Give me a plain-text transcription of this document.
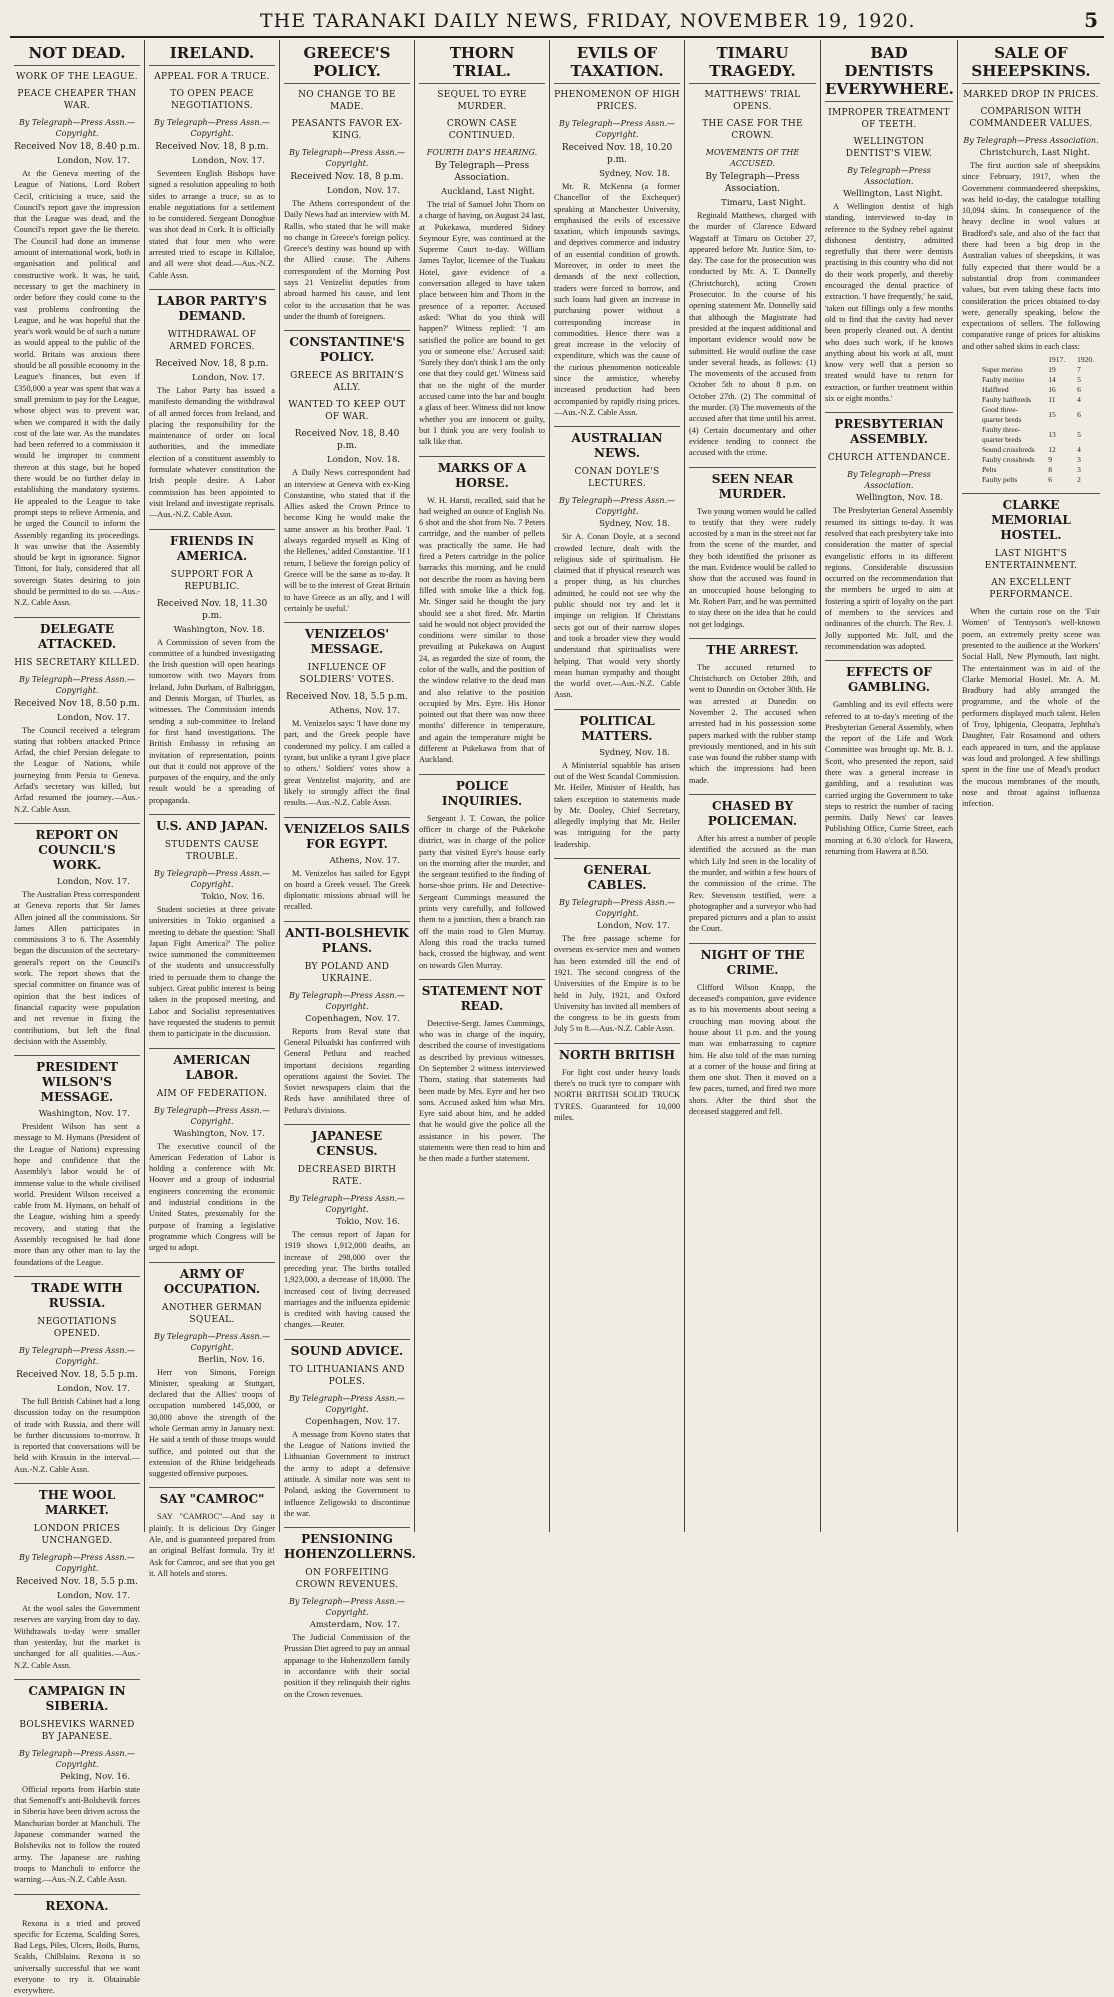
THE TARANAKI DAILY NEWS, FRIDAY, NOVEMBER 19, 1920.	5
NOT DEAD.
WORK OF THE LEAGUE.
PEACE CHEAPER THAN WAR.
By Telegraph—Press Assn.—Copyright.
Received Nov 18, 8.40 p.m.
London, Nov. 17.
At the Geneva meeting of the League of Nations, Lord Robert Cecil, criticising a truce, said the Council's report gave the impression that the League was dead, and the Council's report gave the lie thereto. The Council had done an immense amount of international work, both in organisation and political and constructive work. It was, he said, necessary to get the machinery in order before they could come to the vast problems confronting the League, and he was hopeful that the year's work would be of such a nature as would appeal to the public of the world. Britain was anxious there should be all possible economy in the League's finances, but even if £350,000 a year was spent that was a small premium to pay for the League, whose object was to prevent war, when we compared it with the daily cost of the late war. As the mandates had been referred to a commission it would be improper to comment thereon at this stage, but he hoped there would be no further delay in establishing the mandatory systems. He appealed to the League to take prompt steps to relieve Armenia, and he urged the Council to inform the Assembly regarding its proceedings. It was unwise that the Assembly should be kept in ignorance. Signor Tittoni, for Italy, considered that all sovereign States desiring to join should be permitted to do so. —Aus.-N.Z. Cable Assn.
DELEGATE ATTACKED.
HIS SECRETARY KILLED.
By Telegraph—Press Assn.—Copyright.
Received Nov 18, 8.50 p.m.
London, Nov. 17.
The Council received a telegram stating that robbers attacked Prince Arfad, the chief Persian delegate to the League of Nations, while journeying from Persia to Geneva. Arfad's secretary was killed, but Arfad resumed the journey.—Aus.-N.Z. Cable Assn.
REPORT ON COUNCIL'S WORK.
London, Nov. 17.
The Australian Press correspondent at Geneva reports that Sir James Allen joined all the commissions. Sir James Allen participates in commissions 3 to 6. The Assembly began the discussion of the secretary-general's report on the Council's work. The report shows that the special committee on finance was of opinion that the best indices of financial capacity were population and net revenue in fixing the contributions, but left the final decision with the Assembly.
PRESIDENT WILSON'S MESSAGE.
Washington, Nov. 17.
President Wilson has sent a message to M. Hymans (President of the League of Nations) expressing hope and confidence that the Assembly's labor would be of immense value to the whole civilised world. President Wilson received a cable from M. Hymans, on behalf of the League, wishing him a speedy recovery, and stating that the Assembly recognised he had done more than any other man to lay the foundations of the League.
TRADE WITH RUSSIA.
NEGOTIATIONS OPENED.
By Telegraph—Press Assn.—Copyright.
Received Nov. 18, 5.5 p.m.
London, Nov. 17.
The full British Cabinet had a long discussion today on the resumption of trade with Russia, and there will be further discussions to-morrow. It is reported that conversations will be held with Krassin in the interval.—Aus.-N.Z. Cable Assn.
THE WOOL MARKET.
LONDON PRICES UNCHANGED.
By Telegraph—Press Assn.—Copyright.
Received Nov. 18, 5.5 p.m.
London, Nov. 17.
At the wool sales the Government reserves are varying from day to day. Withdrawals to-day were smaller than yesterday, but the market is unchanged for all qualities.—Aus.-N.Z. Cable Assn.
CAMPAIGN IN SIBERIA.
BOLSHEVIKS WARNED BY JAPANESE.
By Telegraph—Press Assn.—Copyright.
Peking, Nov. 16.
Official reports from Harbin state that Semenoff's anti-Bolshevik forces in Siberia have been driven across the Manchurian border at Manchuli. The Japanese commander warned the Bolsheviks not to follow the routed army. The Japanese are rushing troops to Manchuli to enforce the warning.—Aus.-N.Z. Cable Assn.
REXONA.
Rexona is a tried and proved specific for Eczema, Scalding Sores, Bad Legs, Piles, Ulcers, Boils, Burns, Scalds, Chilblains. Rexona is so universally successful that we want everyone to try it. Obtainable everywhere.
IRELAND.
APPEAL FOR A TRUCE.
TO OPEN PEACE NEGOTIATIONS.
By Telegraph—Press Assn.—Copyright.
Received Nov. 18, 8 p.m.
London, Nov. 17.
Seventeen English Bishops have signed a resolution appealing to both sides to arrange a truce, so as to enable negotiations for a settlement to be considered. Sergeant Donoghue was shot dead in Cork. It is officially stated that four men who were arrested tried to escape in Killaloe, and all were shot dead.—Aus.-N.Z. Cable Assn.
LABOR PARTY'S DEMAND.
WITHDRAWAL OF ARMED FORCES.
Received Nov. 18, 8 p.m.
London, Nov. 17.
The Labor Party has issued a manifesto demanding the withdrawal of all armed forces from Ireland, and placing the responsibility for the maintenance of order on local authorities, and the immediate election of a constituent assembly to formulate whatever constitution the Irish people desire. A Labor commission has been appointed to visit Ireland and investigate reprisals.—Aus.-N.Z. Cable Assn.
FRIENDS IN AMERICA.
SUPPORT FOR A REPUBLIC.
Received Nov. 18, 11.30 p.m.
Washington, Nov. 18.
A Commission of seven from the committee of a hundred investigating the Irish question will open hearings tomorrow with two Mayors from Ireland, John Durham, of Balbriggan, and Dennis Morgan, of Thurles, as witnesses. The Commission intends sending a sub-committee to Ireland for first hand investigations. The British Embassy in refusing an invitation of representation, points out that it could not approve of the purposes of the enquiry, and the only result would be a spreading of propaganda.
U.S. AND JAPAN.
STUDENTS CAUSE TROUBLE.
By Telegraph—Press Assn.—Copyright.
Tokio, Nov. 16.
Student societies at three private universities in Tokio organised a meeting to debate the question: 'Shall Japan Fight America?' The police twice summoned the committeemen of the students and unsuccessfully tried to persuade them to change the subject. Great public interest is being taken in the proposed meeting, and Labor and Socialist representatives have requested the students to permit them to participate in the discussion.
AMERICAN LABOR.
AIM OF FEDERATION.
By Telegraph—Press Assn.—Copyright.
Washington, Nov. 17.
The executive council of the American Federation of Labor is holding a conference with Mr. Hoover and a group of industrial engineers concerning the economic and industrial conditions in the United States, presumably for the purpose of framing a legislative programme which Congress will be urged to adopt.
ARMY OF OCCUPATION.
ANOTHER GERMAN SQUEAL.
By Telegraph—Press Assn.—Copyright.
Berlin, Nov. 16.
Herr von Simons, Foreign Minister, speaking at Stuttgart, declared that the Allies' troops of occupation numbered 145,000, or 30,000 above the strength of the whole German army in January next. He said a tenth of those troops would suffice, and pointed out that the extension of the Rhine bridgeheads suggested offensive purposes.
SAY "CAMROC"
SAY "CAMROC"—And say it plainly. It is delicious Dry Ginger Ale, and is guaranteed prepared from an original Belfast formula. Try it! Ask for Camroc, and see that you get it. All hotels and stores.
GREECE'S POLICY.
NO CHANGE TO BE MADE.
PEASANTS FAVOR EX-KING.
By Telegraph—Press Assn.—Copyright.
Received Nov. 18, 8 p.m.
London, Nov. 17.
The Athens correspondent of the Daily News had an interview with M. Rallis, who stated that he will make no change in Greece's foreign policy. Greece's destiny was bound up with the Allied cause. The Athens correspondent of the Morning Post says 21 Venizelist deputies from abroad harmed his cause, and lent color to the accusation that he was under the thumb of foreigners.
CONSTANTINE'S POLICY.
GREECE AS BRITAIN'S ALLY.
WANTED TO KEEP OUT OF WAR.
Received Nov. 18, 8.40 p.m.
London, Nov. 18.
A Daily News correspondent had an interview at Geneva with ex-King Constantine, who stated that if the Allies asked the Crown Prince to become King he would make the same answer as his brother Paul. 'I always regarded myself as King of the Hellenes,' added Constantine. 'If I return, I believe the foreign policy of Greece will be the same as to-day. It will be to the interest of Great Britain to have Greece as an ally, and I will certainly be useful.'
VENIZELOS' MESSAGE.
INFLUENCE OF SOLDIERS' VOTES.
Received Nov. 18, 5.5 p.m.
Athens, Nov. 17.
M. Venizelos says: 'I have done my part, and the Greek people have condemned my policy. I am called a tyrant, but unlike a tyrant I give place to others.' Soldiers' votes show a great Venizelist majority, and are likely to strongly affect the final results.—Aus.-N.Z. Cable Assn.
VENIZELOS SAILS FOR EGYPT.
Athens, Nov. 17.
M. Venizelos has sailed for Egypt on board a Greek vessel. The Greek diplomatic missions abroad will be recalled.
ANTI-BOLSHEVIK PLANS.
BY POLAND AND UKRAINE.
By Telegraph—Press Assn.—Copyright.
Copenhagen, Nov. 17.
Reports from Reval state that General Pilsudski has conferred with General Petlura and reached important decisions regarding operations against the Soviet. The Soviet newspapers claim that the Reds have annihilated three of Petlura's divisions.
JAPANESE CENSUS.
DECREASED BIRTH RATE.
By Telegraph—Press Assn.—Copyright.
Tokio, Nov. 16.
The census report of Japan for 1919 shows 1,912,000 deaths, an increase of 298,000 over the preceding year. The births totalled 1,923,000, a decrease of 18,000. The increased cost of living decreased marriages and the influenza epidemic is credited with having caused the changes.—Reuter.
SOUND ADVICE.
TO LITHUANIANS AND POLES.
By Telegraph—Press Assn.—Copyright.
Copenhagen, Nov. 17.
A message from Kovno states that the League of Nations invited the Lithuanian Government to instruct the army to adopt a defensive attitude. A similar note was sent to Poland, asking the Government to influence Zeligowski to discontinue the war.
PENSIONING HOHENZOLLERNS.
ON FORFEITING CROWN REVENUES.
By Telegraph—Press Assn.—Copyright.
Amsterdam, Nov. 17.
The Judicial Commission of the Prussian Diet agreed to pay an annual appanage to the Hohenzollern family in accordance with their social position if they relinquish their rights on the Crown revenues.
THORN TRIAL.
SEQUEL TO EYRE MURDER.
CROWN CASE CONTINUED.
FOURTH DAY'S HEARING.
By Telegraph—Press Association.
Auckland, Last Night.
The trial of Samuel John Thorn on a charge of having, on August 24 last, at Pukekawa, murdered Sidney Seymour Eyre, was continued at the Supreme Court to-day. William James Taylor, licensee of the Tuakau Hotel, gave evidence of a conversation alleged to have taken place between him and Thorn in the presence of a reporter. Accused asked: 'What do you think will happen?' Witness replied: 'I am satisfied the police are bound to get you or someone else.' Accused said: 'Surely they don't think I am the only one that they could get.' Witness said that on the night of the murder accused came into the bar and bought a glass of beer. Witness did not know whether you are innocent or guilty, but I think you are very foolish to talk like that.
MARKS OF A HORSE.
W. H. Harsti, recalled, said that he had weighed an ounce of English No. 6 shot and the shot from No. 7 Peters cartridge, and the number of pellets was practically the same. He had fired a Peters cartridge in the police barracks this morning, and he could not describe the room as having been filled with smoke like a thick fog. Mr. Singer said he thought the jury should see a shot fired. Mr. Martin said he would not object provided the conditions were similar to those prevailing at Pukekawa on August 24, as regarded the size of room, the color of the walls, and the position of the window relative to the dead man and also relative to the position occupied by Mrs. Eyre. His Honor pointed out that there was now three months' difference in temperature, and again the temperature might be different at Pukekawa from that of Auckland.
POLICE INQUIRIES.
Sergeant J. T. Cowan, the police officer in charge of the Pukekohe district, was in charge of the police party that visited Eyre's house early on the morning after the murder, and the sergeant testified to the finding of horse-shoe prints. He and Detective-Sergeant Cummings measured the prints very carefully, and followed them to a junction, then a branch ran off the main road to Glen Murray. Along this road the tracks turned back, crossed the highway, and went on towards Glen Murray.
STATEMENT NOT READ.
Detective-Sergt. James Cummings, who was in charge of the inquiry, described the course of investigations as described by previous witnesses. On September 2 witness interviewed Thorn, stating that statements had been made by Mrs. Eyre and her two sons. Accused asked him what Mrs. Eyre said about him, and he added that he would give the police all the assistance in his power. The statements were then read to him and he then made a further statement.
EVILS OF TAXATION.
PHENOMENON OF HIGH PRICES.
By Telegraph—Press Assn.—Copyright.
Received Nov. 18, 10.20 p.m.
Sydney, Nov. 18.
Mr. R. McKenna (a former Chancellor of the Exchequer) speaking at Manchester University, emphasised the evils of excessive taxation, which impounds savings, and deprives commerce and industry of an essential condition of growth. Moreover, in order to meet the demands of the next collection, traders were forced to borrow, and such loans had given an increase in purchasing power without a corresponding increase in commodities. Hence there was a great increase in the velocity of expenditure, which was the cause of the curious phenomenon noticeable since the armistice, whereby increased production had been accompanied by rapidly rising prices.—Aus.-N.Z. Cable Assn.
AUSTRALIAN NEWS.
CONAN DOYLE'S LECTURES.
By Telegraph—Press Assn.—Copyright.
Sydney, Nov. 18.
Sir A. Conan Doyle, at a second crowded lecture, dealt with the religious side of spiritualism. He claimed that if physical research was a proper thing, as his churches admitted, he could not see why the public should not try and let it impinge on religion. If Christians sects got out of their narrow slopes and took a broader view they would understand that spiritualists were helping. That would very shortly mean human sympathy and thought the world over.—Aus.-N.Z. Cable Assn.
POLITICAL MATTERS.
Sydney, Nov. 18.
A Ministerial squabble has arisen out of the West Scandal Commission. Mr. Heiler, Minister of Health, has taken exception to statements made by Mr. Dooley, Chief Secretary, allegedly implying that Mr. Heiler was intriguing for the party leadership.
GENERAL CABLES.
By Telegraph—Press Assn.—Copyright.
London, Nov. 17.
The free passage scheme for overseas ex-service men and women has been extended till the end of 1921. The second congress of the Universities of the Empire is to be held in July, 1921, and Oxford University has invited all members of the congress to be its guests from July 5 to 8.—Aus.-N.Z. Cable Assn.
NORTH BRITISH
For light cost under heavy loads there's no truck tyre to compare with NORTH BRITISH SOLID TRUCK TYRES. Guaranteed for 10,000 miles.
TIMARU TRAGEDY.
MATTHEWS' TRIAL OPENS.
THE CASE FOR THE CROWN.
MOVEMENTS OF THE ACCUSED.
By Telegraph—Press Association.
Timaru, Last Night.
Reginald Matthews, charged with the murder of Clarence Edward Wagstaff at Timaru on October 27, appeared before Mr. Justice Sim, to-day. The case for the prosecution was conducted by Mr. A. T. Donnelly (Christchurch), acting Crown Prosecutor. In the course of his opening statement Mr. Donnelly said that although the Magistrate had presided at the inquest additional and important evidence would now be submitted. He would outline the case under several heads, as follows: (1) The movements of the accused from October 5th to about 8 p.m. on October 27th. (2) The committal of the murder. (3) The movements of the accused after that time until his arrest. (4) Certain documentary and other evidence tending to connect the accused with the crime.
SEEN NEAR MURDER.
Two young women would be called to testify that they were rudely accosted by a man in the street not far from the scene of the murder, and they both identified the prisoner as the man. Evidence would be called to show that the accused was found in an unoccupied house belonging to Mr. Robert Parr, and he was permitted to stay there on the idea that he could not get lodgings.
THE ARREST.
The accused returned to Christchurch on October 28th, and went to Dunedin on October 30th. He was arrested at Dunedin on November 2. The accused when arrested had in his possession some papers marked with the rubber stamp previously mentioned, and in his suit case was found the rubber stamp with which the impressions had been made.
CHASED BY POLICEMAN.
After his arrest a number of people identified the accused as the man which Lily Ind seen in the locality of the murder, and within a few hours of the commission of the crime. The Rev. Stevenson testified, were a photographer and a surveyor who had prepared pictures and a plan to assist the Court.
NIGHT OF THE CRIME.
Clifford Wilson Knapp, the deceased's companion, gave evidence as to his movements about seeing a crouching man moving about the house about 11 p.m. and the young man was embarrassing to capture him. He also told of the man turning at a corner of the house and firing at them one shot. Then it moved on a few paces, turned, and fired two more shots. After the third shot the deceased staggered and fell.
BAD DENTISTS EVERYWHERE.
IMPROPER TREATMENT OF TEETH.
WELLINGTON DENTIST'S VIEW.
By Telegraph—Press Association.
Wellington, Last Night.
A Wellington dentist of high standing, interviewed to-day in reference to the Sydney rebel against dishonest dentistry, admitted regretfully that there were dentists practising in this country who did not do their work properly, and thereby encouraged the dental practice of extraction. 'I have frequently,' he said, 'taken out fillings only a few months old to find that the cavity had never been properly cleaned out. A dentist who does such work, if he knows anything about his work at all, must know very well that a person so treated would have to return for extraction, or further treatment within six or eight months.'
PRESBYTERIAN ASSEMBLY.
CHURCH ATTENDANCE.
By Telegraph—Press Association.
Wellington, Nov. 18.
The Presbyterian General Assembly resumed its sittings to-day. It was resolved that each presbytery take into consideration the matter of special evangelistic efforts in its different regions. Considerable discussion occurred on the recommendation that the members be urged to aim at fostering a spirit of loyalty on the part of members to the services and ordinances of the church. The Rev. J. Jolly supported Mr. Jull, and the recommendation was adopted.
EFFECTS OF GAMBLING.
Gambling and its evil effects were referred to at to-day's meeting of the Presbyterian General Assembly, when the report of the Life and Work Committee was brought up. Mr. B. J. Scott, who presented the report, said there was a general increase in gambling, and a resolution was carried urging the Government to take steps to restrict the number of racing permits. Daily News' car leaves Publishing Office, Currie Street, each morning at 6.30 o'clock for Hawera, returning from Hawera at 8.50.
SALE OF SHEEPSKINS.
MARKED DROP IN PRICES.
COMPARISON WITH COMMANDEER VALUES.
By Telegraph—Press Association.
Christchurch, Last Night.
The first auction sale of sheepskins since February, 1917, when the Government commandeered sheepskins, was held to-day, the catalogue totalling 10,094 skins. In consequence of the heavy decline in wool values at Bradford's sale, and also of the fact that there had been a big drop in the Australian values of sheepskins, it was fully expected that there would be a substantial drop from commandeer values, but even taking these facts into consideration the prices obtained to-day were, generally speaking, below the expectations of sellers. The following comparative range of prices for altiskins and other salted skins in each class:
	1917.	1920.
Super merino	19	7
Faulty merino	14	5
Halfbred	16	6
Faulty halfbreds	11	4
Good three-quarter breds	15	6
Faulty three-quarter breds	13	5
Sound crossbreds	12	4
Faulty crossbreds	9	3
Pelts	8	3
Faulty pelts	6	2
CLARKE MEMORIAL HOSTEL.
LAST NIGHT'S ENTERTAINMENT.
AN EXCELLENT PERFORMANCE.
When the curtain rose on the 'Fair Women' of Tennyson's well-known poem, an extremely pretty scene was presented to the audience at the Workers' Social Hall, New Plymouth, last night. The entertainment was in aid of the Clarke Memorial Hostel. Mr. A. M. Bradbury had ably arranged the programme, and the whole of the performers displayed much talent. Helen of Troy, Iphigenia, Cleopatra, Jephtha's Daughter, Fair Rosamond and others each appeared in turn, and the applause was loud and prolonged. A few shillings spent in the fine use of Mead's product the mucous membranes of the mouth, nose and throat against influenza infection.
